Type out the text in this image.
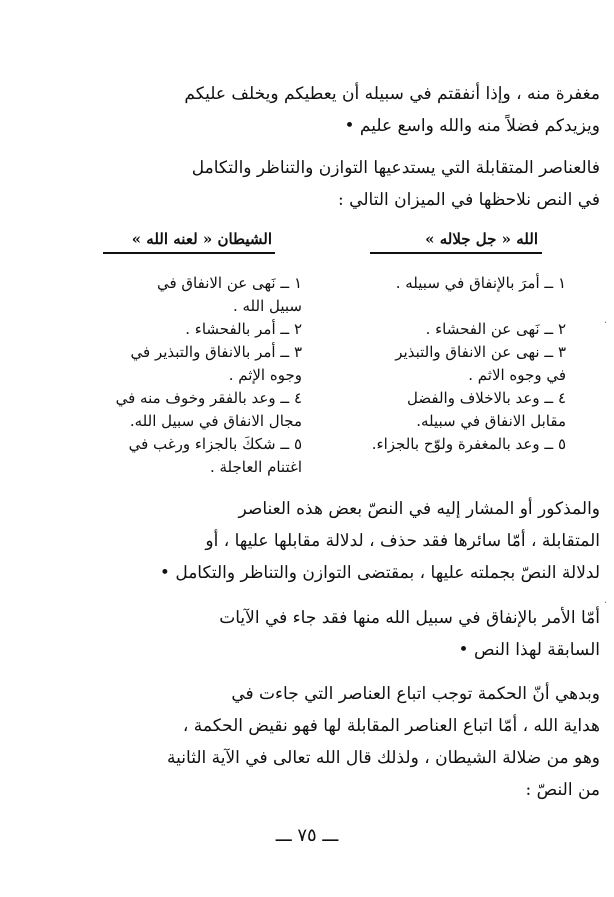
مغفرة منه ، وإذا أنفقتم في سبيله أن يعطيكم ويخلف عليكم
ويزيدكم فضلاً منه والله واسع عليم •
فالعناصر المتقابلة التي يستدعيها التوازن والتناظر والتكامل
في النص نلاحظها في الميزان التالي :
الله « جل جلاله »
الشيطان « لعنه الله »
١ ــ أمرَ بالإنفاق في سبيله .
٢ ــ نَهى عن الفحشاء .
٣ ــ نهى عن الانفاق والتبذير
في وجوه الاثم .
٤ ــ وعد بالاخلاف والفضل
مقابل الانفاق في سبيله.
٥ ــ وعد بالمغفرة ولوّح بالجزاء.
١ ــ نَهى عن الانفاق في
سبيل الله .
٢ ــ أمر بالفحشاء .
٣ ــ أمر بالانفاق والتبذير في
وجوه الإثم .
٤ ــ وعد بالفقر وخوف منه في
مجال الانفاق في سبيل الله.
٥ ــ شككَ بالجزاء ورغب في
اغتنام العاجلة .
والمذكور أو المشار إليه في النصّ بعض هذه العناصر
المتقابلة ، أمّا سائرها فقد حذف ، لدلالة مقابلها عليها ، أو
لدلالة النصّ بجملته عليها ، بمقتضى التوازن والتناظر والتكامل •
أمّا الأمر بالإنفاق في سبيل الله منها فقد جاء في الآيات
السابقة لهذا النص •
وبدهي أنّ الحكمة توجب اتباع العناصر التي جاءت في
هداية الله ، أمّا اتباع العناصر المقابلة لها فهو نقيض الحكمة ،
وهو من ضلالة الشيطان ، ولذلك قال الله تعالى في الآية الثانية
من النصّ :
ـــ ٧٥ ـــ
·
·
